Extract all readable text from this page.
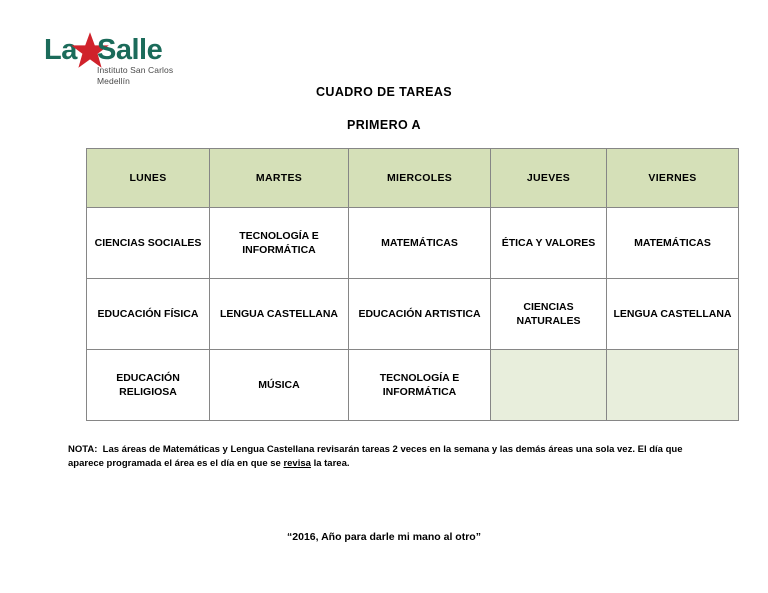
La Salle
Instituto San Carlos
Medellín
CUADRO DE TAREAS
PRIMERO A
LUNES	MARTES	MIERCOLES	JUEVES	VIERNES
CIENCIAS SOCIALES	TECNOLOGÍA E INFORMÁTICA	MATEMÁTICAS	ÉTICA Y VALORES	MATEMÁTICAS
EDUCACIÓN FÍSICA	LENGUA CASTELLANA	EDUCACIÓN ARTISTICA	CIENCIAS NATURALES	LENGUA CASTELLANA
EDUCACIÓN RELIGIOSA	MÚSICA	TECNOLOGÍA E INFORMÁTICA		
NOTA: Las áreas de Matemáticas y Lengua Castellana revisarán tareas 2 veces en la semana y las demás áreas una sola vez. El día que aparece programada el área es el día en que se revisa la tarea.
“2016, Año para darle mi mano al otro”
